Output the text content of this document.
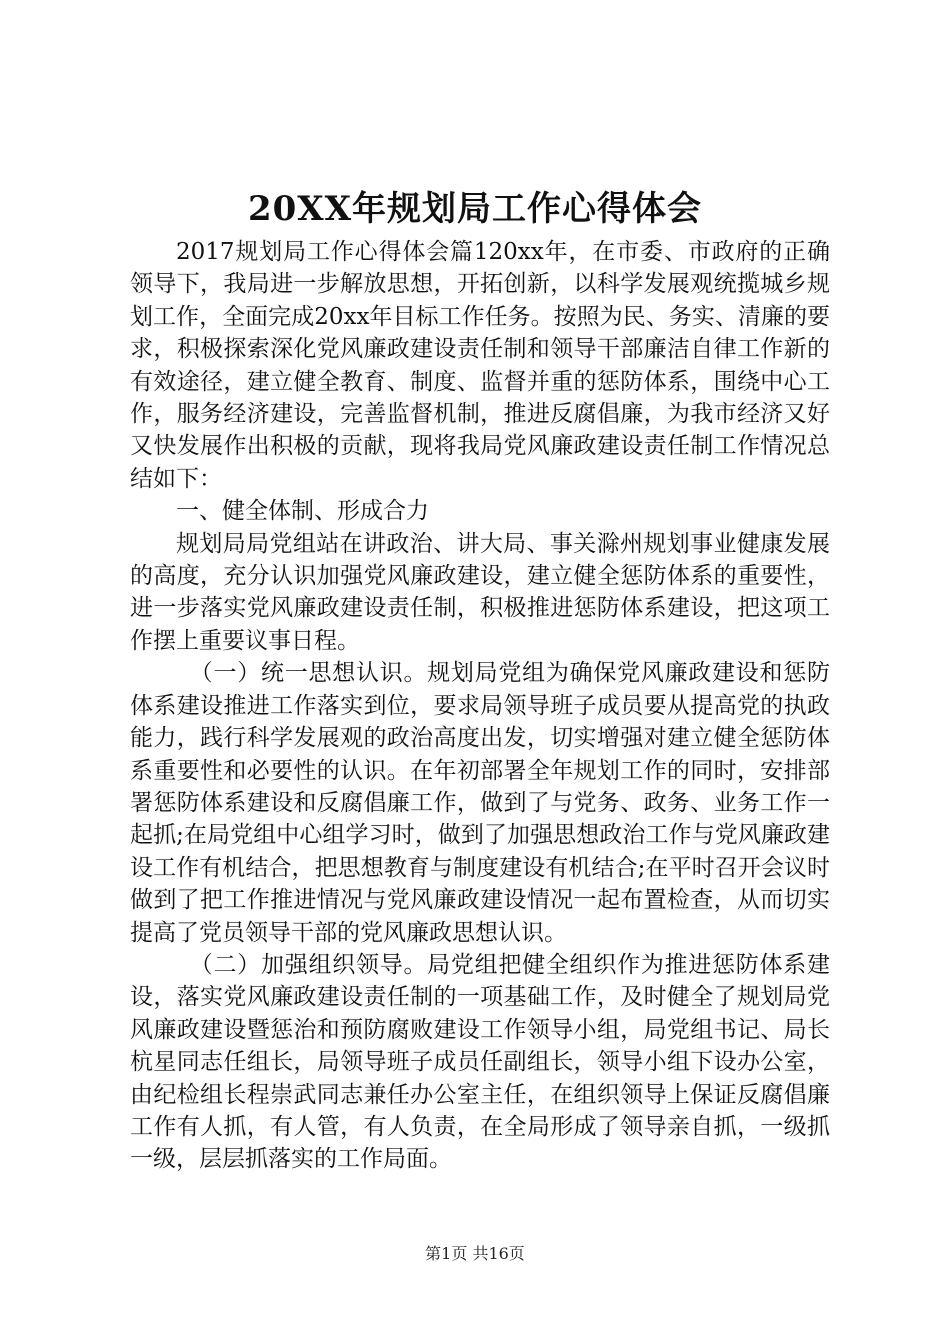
20XX年规划局工作心得体会

2017规划局工作心得体会篇120xx年，在市委、市政府的正确领导下，我局进一步解放思想，开拓创新，以科学发展观统揽城乡规划工作，全面完成20xx年目标工作任务。按照为民、务实、清廉的要求，积极探索深化党风廉政建设责任制和领导干部廉洁自律工作新的有效途径，建立健全教育、制度、监督并重的惩防体系，围绕中心工作，服务经济建设，完善监督机制，推进反腐倡廉，为我市经济又好又快发展作出积极的贡献，现将我局党风廉政建设责任制工作情况总结如下：

一、健全体制、形成合力

规划局局党组站在讲政治、讲大局、事关滁州规划事业健康发展的高度，充分认识加强党风廉政建设，建立健全惩防体系的重要性，进一步落实党风廉政建设责任制，积极推进惩防体系建设，把这项工作摆上重要议事日程。

（一）统一思想认识。规划局党组为确保党风廉政建设和惩防体系建设推进工作落实到位，要求局领导班子成员要从提高党的执政能力，践行科学发展观的政治高度出发，切实增强对建立健全惩防体系重要性和必要性的认识。在年初部署全年规划工作的同时，安排部署惩防体系建设和反腐倡廉工作，做到了与党务、政务、业务工作一起抓;在局党组中心组学习时，做到了加强思想政治工作与党风廉政建设工作有机结合，把思想教育与制度建设有机结合;在平时召开会议时做到了把工作推进情况与党风廉政建设情况一起布置检查，从而切实提高了党员领导干部的党风廉政思想认识。

（二）加强组织领导。局党组把健全组织作为推进惩防体系建设，落实党风廉政建设责任制的一项基础工作，及时健全了规划局党风廉政建设暨惩治和预防腐败建设工作领导小组，局党组书记、局长杭星同志任组长，局领导班子成员任副组长，领导小组下设办公室，由纪检组长程崇武同志兼任办公室主任，在组织领导上保证反腐倡廉工作有人抓，有人管，有人负责，在全局形成了领导亲自抓，一级抓一级，层层抓落实的工作局面。

第1页 共16页
